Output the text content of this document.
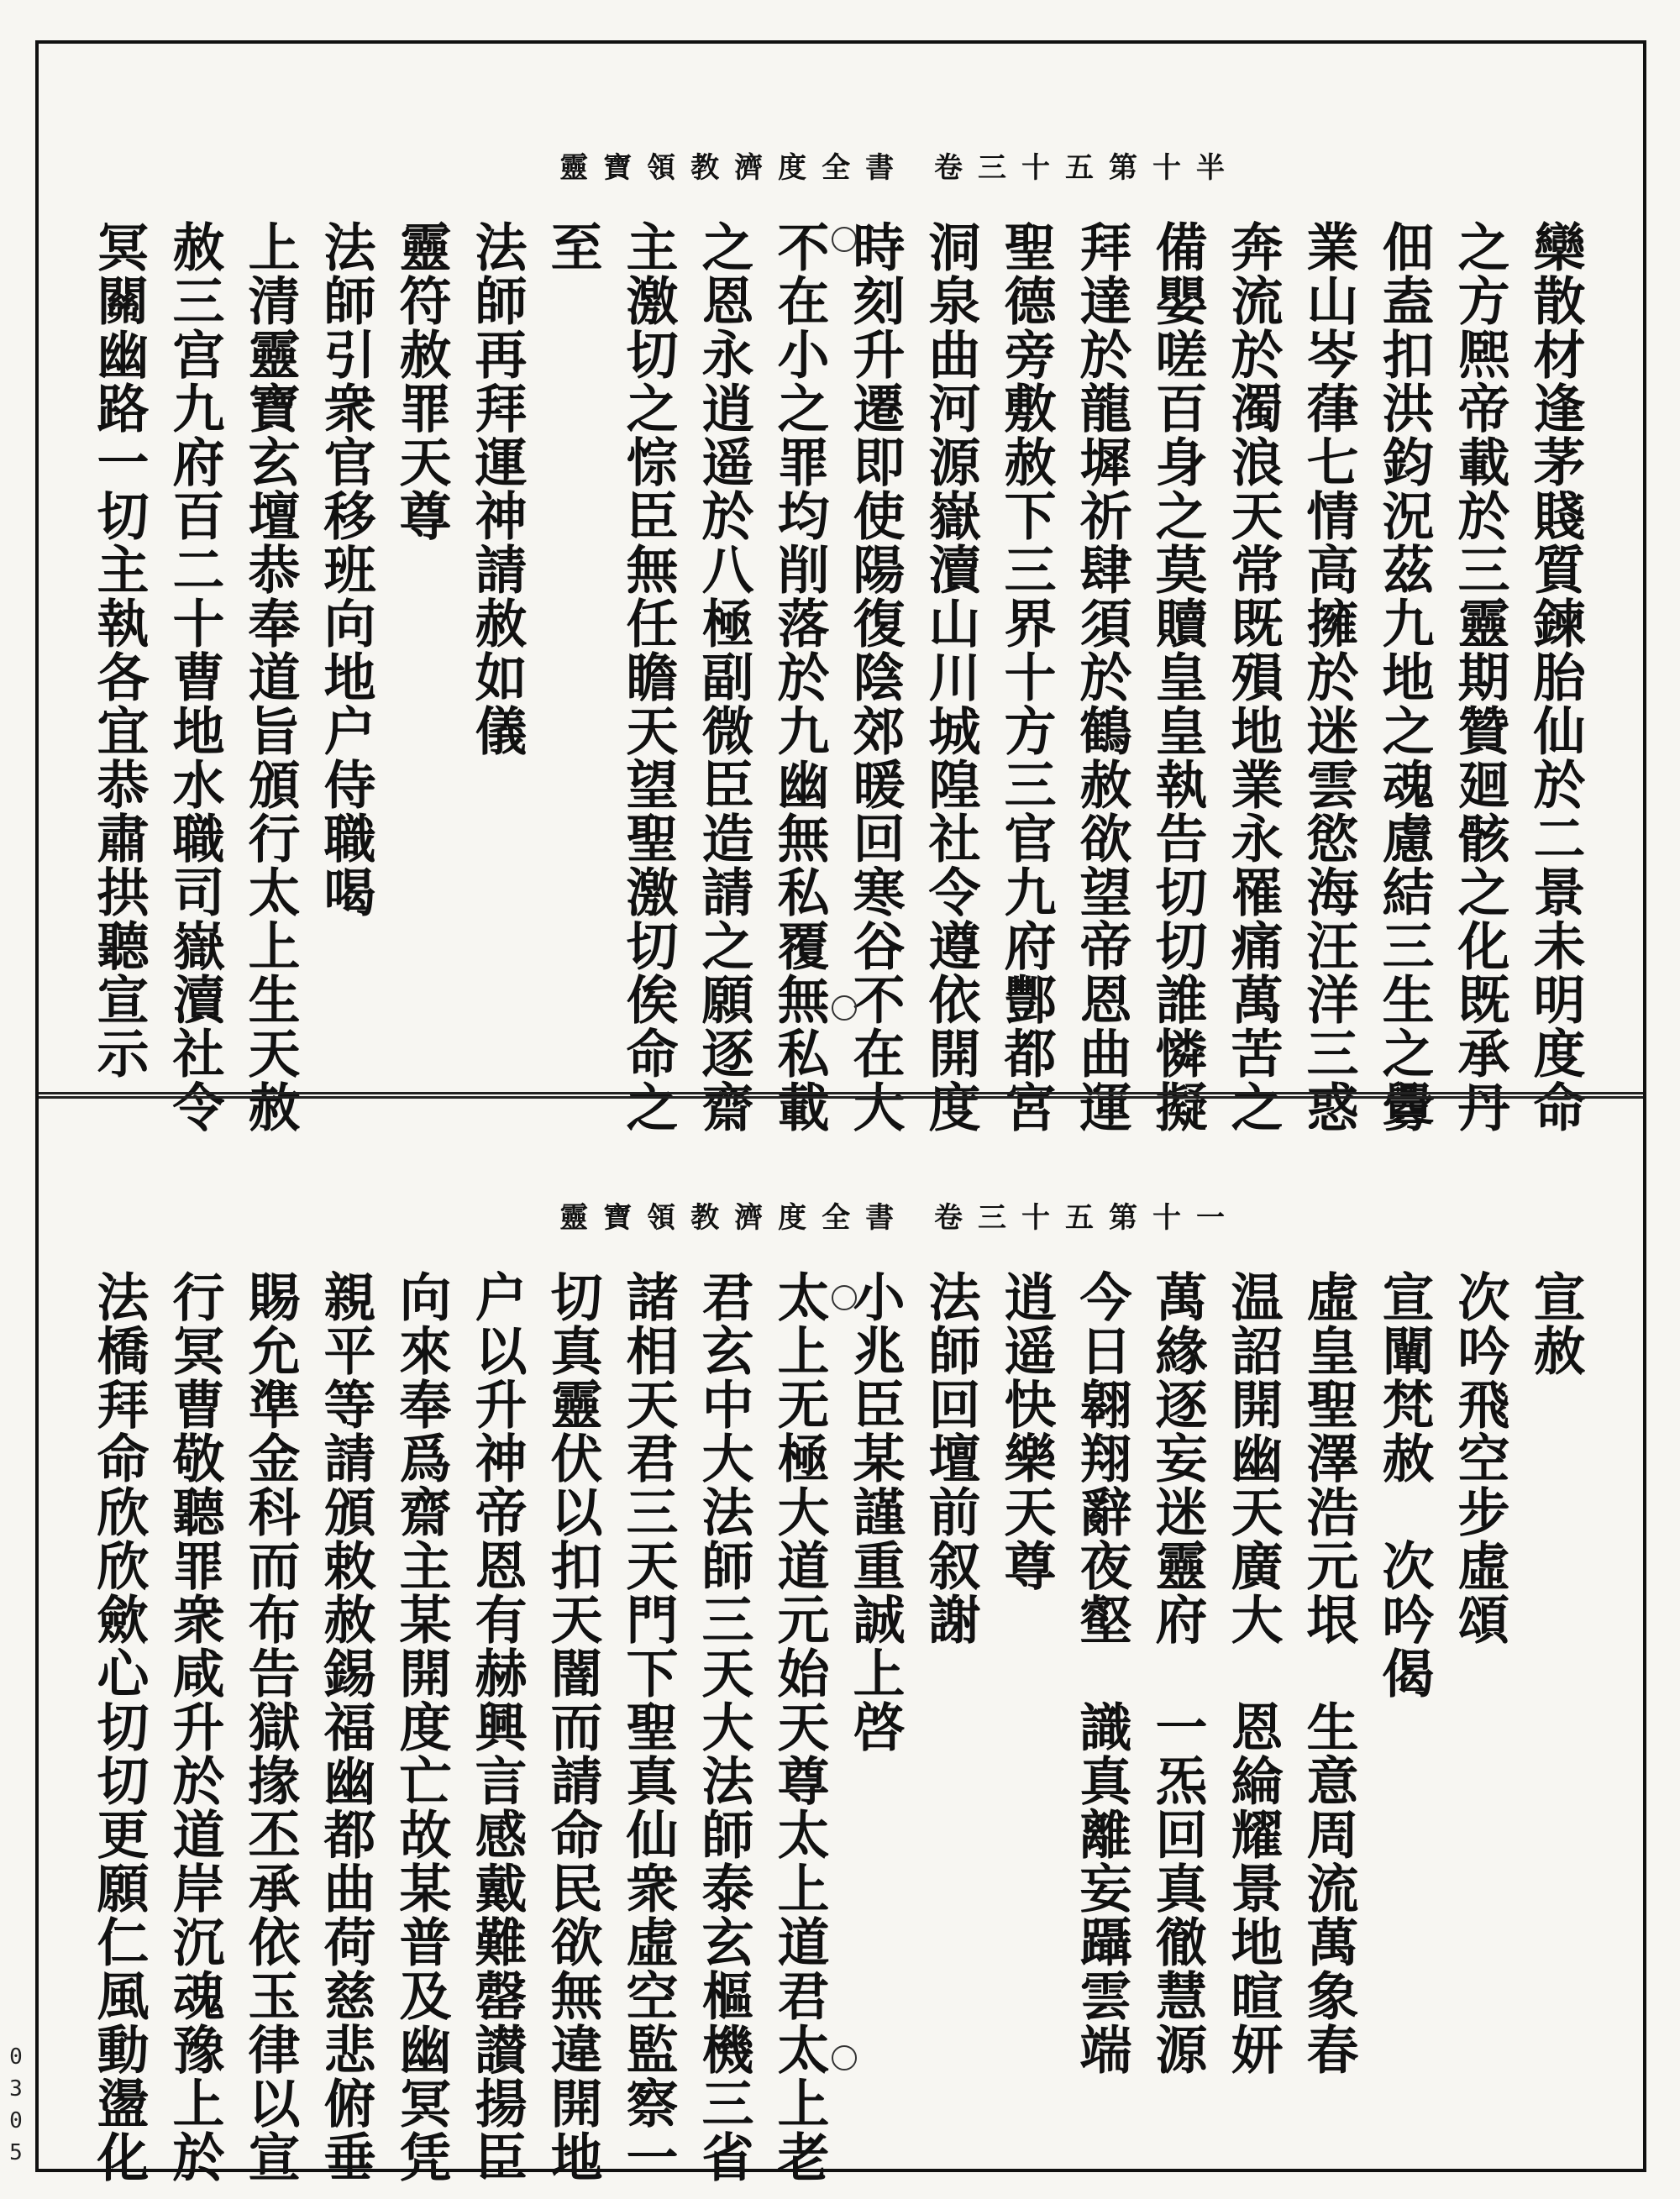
靈寶領教濟度全書 卷三十五第十半
欒散材逢茅賤質鍊胎仙於二景未明度命
之方熈帝載於三靈期贊廻骸之化既承丹
佃盍扣洪鈞況茲九地之魂慮結三生之釁
業山岑葎七情高擁於迷雲慾海汪洋三惑
奔流於濁浪天常既殞地業永罹痛萬苦之
備嬰嗟百身之莫贖皇皇執告切切誰憐擬
拜達於龍墀祈肆須於鶴赦欲望帝恩曲運
聖德旁敷赦下三界十方三官九府酆都宮
洞泉曲河源嶽瀆山川城隍社令遵依開度
時刻升遷即使陽復陰郊暖回寒谷不在大
不在小之罪均削落於九幽無私覆無私載
之恩永逍遥於八極副微臣造請之願逐齋
主激切之悰臣無任瞻天望聖激切俟命之
至
法師再拜運神請赦如儀
靈符赦罪天尊
法師引衆官移班向地户侍職喝
上清靈寶玄壇恭奉道旨頒行太上生天赦
赦三宫九府百二十曹地水職司嶽瀆社令
冥關幽路一切主執各宜恭肅拱聽宣示
靈寶領教濟度全書 卷三十五第十一
宣赦
次吟飛空步虛頌
宣闡梵赦　次吟偈
虛皇聖澤浩元垠　生意周流萬象春
温詔開幽天廣大　恩綸耀景地暄妍
萬緣逐妄迷靈府　一炁回真徹慧源
今日翱翔辭夜壑　識真離妄躡雲端
逍遥快樂天尊
法師回壇前叙謝
小兆臣某謹重誠上啓
太上无極大道元始天尊太上道君太上老
君玄中大法師三天大法師泰玄樞機三省
諸相天君三天門下聖真仙衆虛空監察一
切真靈伏以扣天闇而請命民欲無違開地
户以升神帝恩有赫興言感戴難罄讃揚臣
向來奉爲齋主某開度亡故某普及幽冥凭
親平等請頒敕赦錫福幽都曲荷慈悲俯垂
賜允準金科而布告獄掾丕承依玉律以宣
行冥曹敬聽罪衆咸升於道岸沉魂豫上於
法橋拜命欣欣歛心切切更願仁風動盪化
0
3
0
5
